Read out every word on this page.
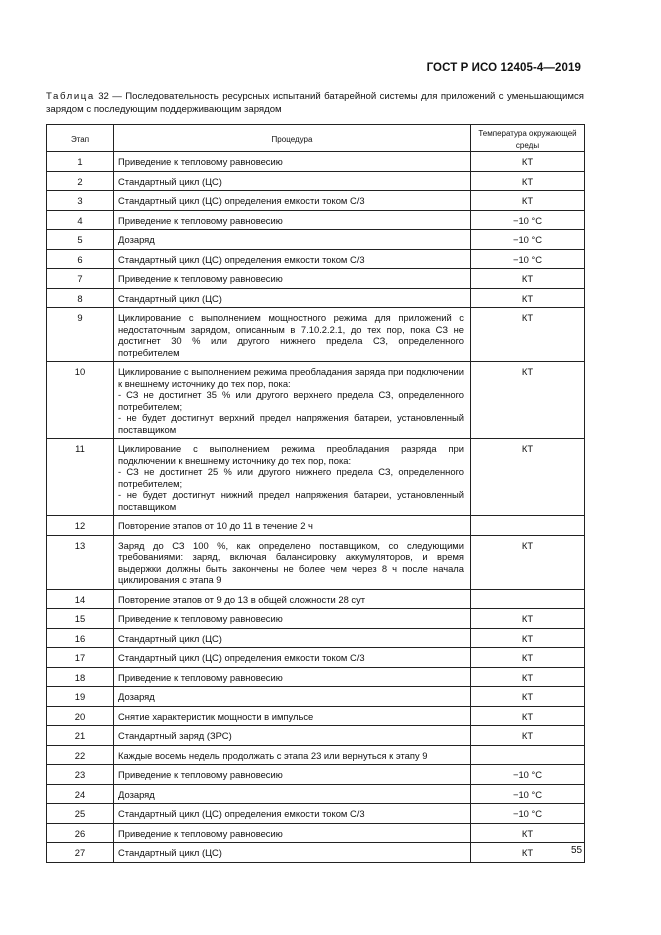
ГОСТ Р ИСО 12405-4—2019
Таблица 32 — Последовательность ресурсных испытаний батарейной системы для приложений с уменьшающимся зарядом с последующим поддерживающим зарядом
Этап	Процедура	Температура окружающей среды
1	Приведение к тепловому равновесию	КТ
2	Стандартный цикл (ЦС)	КТ
3	Стандартный цикл (ЦС) определения емкости током C/3	КТ
4	Приведение к тепловому равновесию	−10 °С
5	Дозаряд	−10 °С
6	Стандартный цикл (ЦС) определения емкости током C/3	−10 °С
7	Приведение к тепловому равновесию	КТ
8	Стандартный цикл (ЦС)	КТ
9	Циклирование с выполнением мощностного режима для приложений с недостаточным зарядом, описанным в 7.10.2.2.1, до тех пор, пока СЗ не достигнет 30 % или другого нижнего предела СЗ, определенного потребителем	КТ
10	Циклирование с выполнением режима преобладания заряда при подключении к внешнему источнику до тех пор, пока:
- СЗ не достигнет 35 % или другого верхнего предела СЗ, определенного потребителем;
- не будет достигнут верхний предел напряжения батареи, установленный поставщиком	КТ
11	Циклирование с выполнением режима преобладания разряда при подключении к внешнему источнику до тех пор, пока:
- СЗ не достигнет 25 % или другого нижнего предела СЗ, определенного потребителем;
- не будет достигнут нижний предел напряжения батареи, установленный поставщиком	КТ
12	Повторение этапов от 10 до 11 в течение 2 ч	
13	Заряд до СЗ 100 %, как определено поставщиком, со следующими требованиями: заряд, включая балансировку аккумуляторов, и время выдержки должны быть закончены не более чем через 8 ч после начала циклирования с этапа 9	КТ
14	Повторение этапов от 9 до 13 в общей сложности 28 сут	
15	Приведение к тепловому равновесию	КТ
16	Стандартный цикл (ЦС)	КТ
17	Стандартный цикл (ЦС) определения емкости током C/3	КТ
18	Приведение к тепловому равновесию	КТ
19	Дозаряд	КТ
20	Снятие характеристик мощности в импульсе	КТ
21	Стандартный заряд (ЗРС)	КТ
22	Каждые восемь недель продолжать с этапа 23 или вернуться к этапу 9	
23	Приведение к тепловому равновесию	−10 °С
24	Дозаряд	−10 °С
25	Стандартный цикл (ЦС) определения емкости током C/3	−10 °С
26	Приведение к тепловому равновесию	КТ
27	Стандартный цикл (ЦС)	КТ	55
